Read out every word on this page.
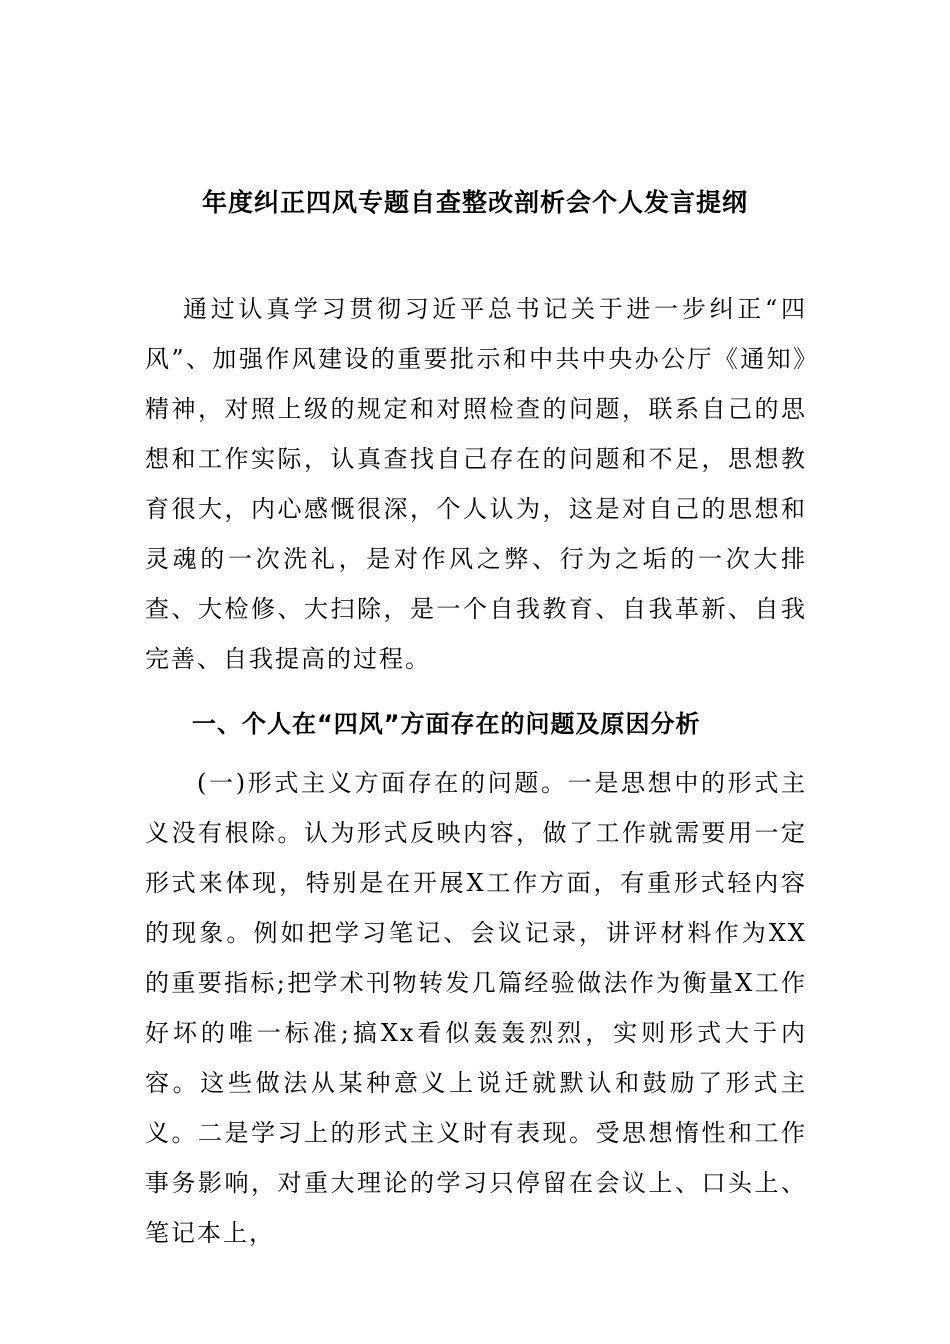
年度纠正四风专题自查整改剖析会个人发言提纲

通过认真学习贯彻习近平总书记关于进一步纠正“四风”、加强作风建设的重要批示和中共中央办公厅《通知》精神，对照上级的规定和对照检查的问题，联系自己的思想和工作实际，认真查找自己存在的问题和不足，思想教育很大，内心感慨很深，个人认为，这是对自己的思想和灵魂的一次洗礼，是对作风之弊、行为之垢的一次大排查、大检修、大扫除，是一个自我教育、自我革新、自我完善、自我提高的过程。

一、个人在“四风”方面存在的问题及原因分析

(一)形式主义方面存在的问题。一是思想中的形式主义没有根除。认为形式反映内容，做了工作就需要用一定形式来体现，特别是在开展X工作方面，有重形式轻内容的现象。例如把学习笔记、会议记录，讲评材料作为XX的重要指标;把学术刊物转发几篇经验做法作为衡量X工作好坏的唯一标准;搞Xx看似轰轰烈烈，实则形式大于内容。这些做法从某种意义上说迁就默认和鼓励了形式主义。二是学习上的形式主义时有表现。受思想惰性和工作事务影响，对重大理论的学习只停留在会议上、口头上、笔记本上，
